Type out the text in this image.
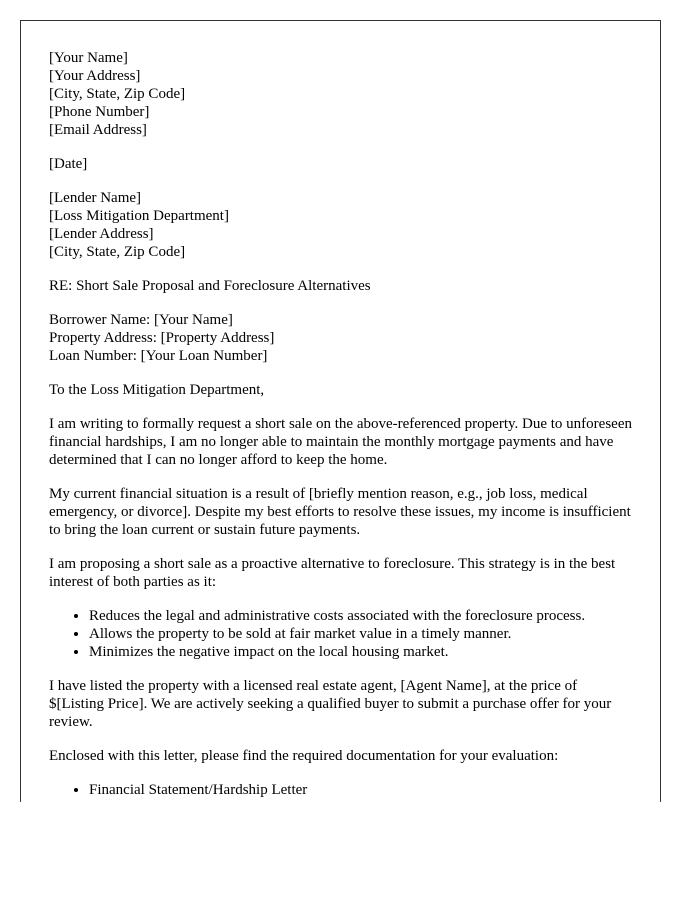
[Your Name]
[Your Address]
[City, State, Zip Code]
[Phone Number]
[Email Address]
[Date]
[Lender Name]
[Loss Mitigation Department]
[Lender Address]
[City, State, Zip Code]

RE: Short Sale Proposal and Foreclosure Alternatives

Borrower Name: [Your Name]
Property Address: [Property Address]
Loan Number: [Your Loan Number]

To the Loss Mitigation Department,

I am writing to formally request a short sale on the above-referenced property. Due to unforeseen financial hardships, I am no longer able to maintain the monthly mortgage payments and have determined that I can no longer afford to keep the home.

My current financial situation is a result of [briefly mention reason, e.g., job loss, medical emergency, or divorce]. Despite my best efforts to resolve these issues, my income is insufficient to bring the loan current or sustain future payments.

I am proposing a short sale as a proactive alternative to foreclosure. This strategy is in the best interest of both parties as it:

• Reduces the legal and administrative costs associated with the foreclosure process.
• Allows the property to be sold at fair market value in a timely manner.
• Minimizes the negative impact on the local housing market.

I have listed the property with a licensed real estate agent, [Agent Name], at the price of $[Listing Price]. We are actively seeking a qualified buyer to submit a purchase offer for your review.

Enclosed with this letter, please find the required documentation for your evaluation:

• Financial Statement/Hardship Letter
